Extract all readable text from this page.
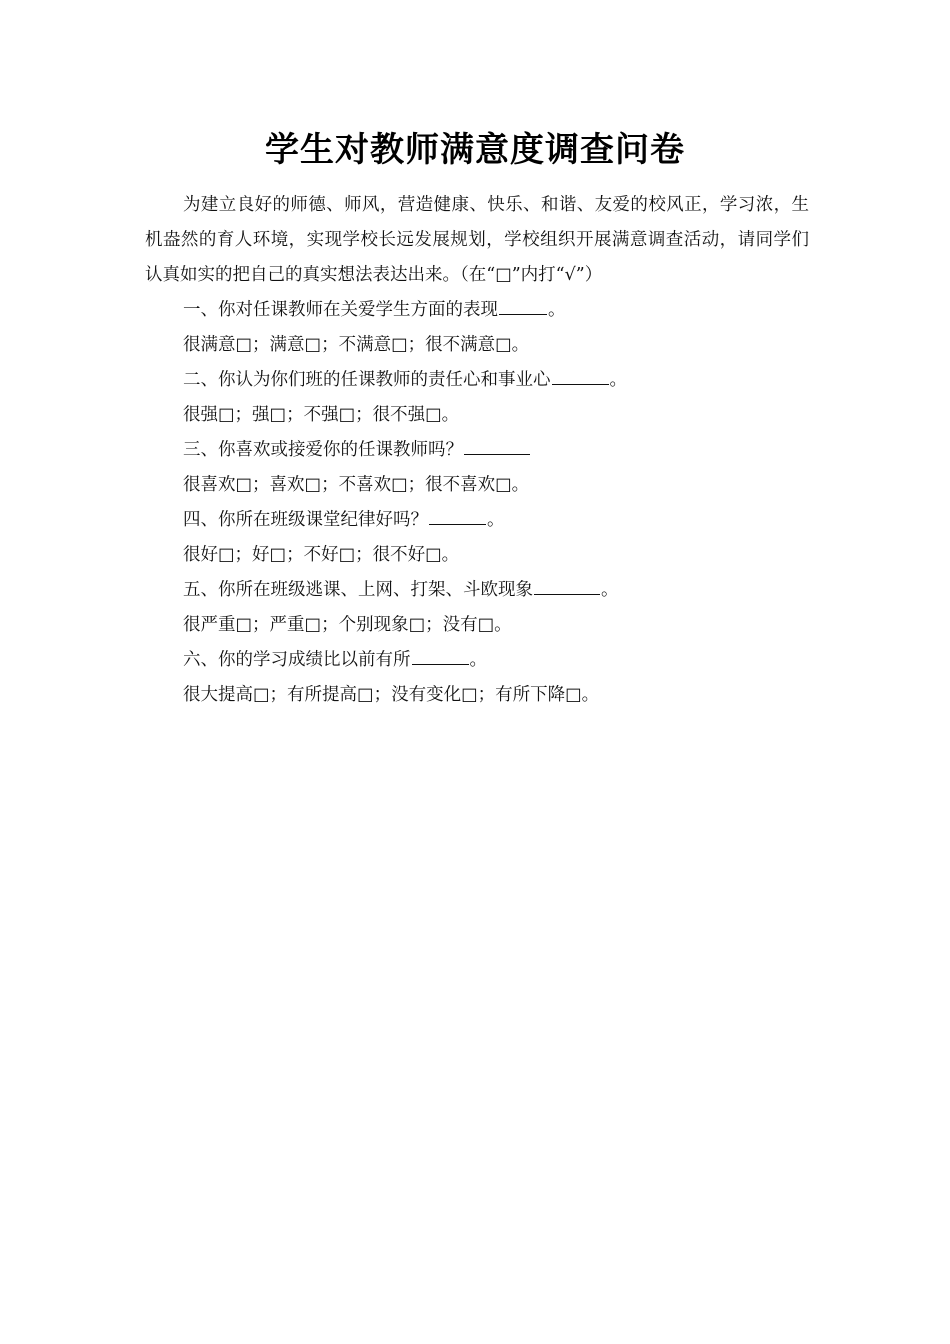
学生对教师满意度调查问卷

为建立良好的师德、师风，营造健康、快乐、和谐、友爱的校风正，学习浓，生机盎然的育人环境，实现学校长远发展规划，学校组织开展满意调查活动，请同学们认真如实的把自己的真实想法表达出来。（在“□”内打“√”）

一、你对任课教师在关爱学生方面的表现	。
很满意□；满意□；不满意□；很不满意□。
二、你认为你们班的任课教师的责任心和事业心	。
很强□；强□；不强□；很不强□。
三、你喜欢或接爱你的任课教师吗？
很喜欢□；喜欢□；不喜欢□；很不喜欢□。
四、你所在班级课堂纪律好吗？	。
很好□；好□；不好□；很不好□。
五、你所在班级逃课、上网、打架、斗欧现象	。
很严重□；严重□；个别现象□；没有□。
六、你的学习成绩比以前有所	。
很大提高□；有所提高□；没有变化□；有所下降□。
